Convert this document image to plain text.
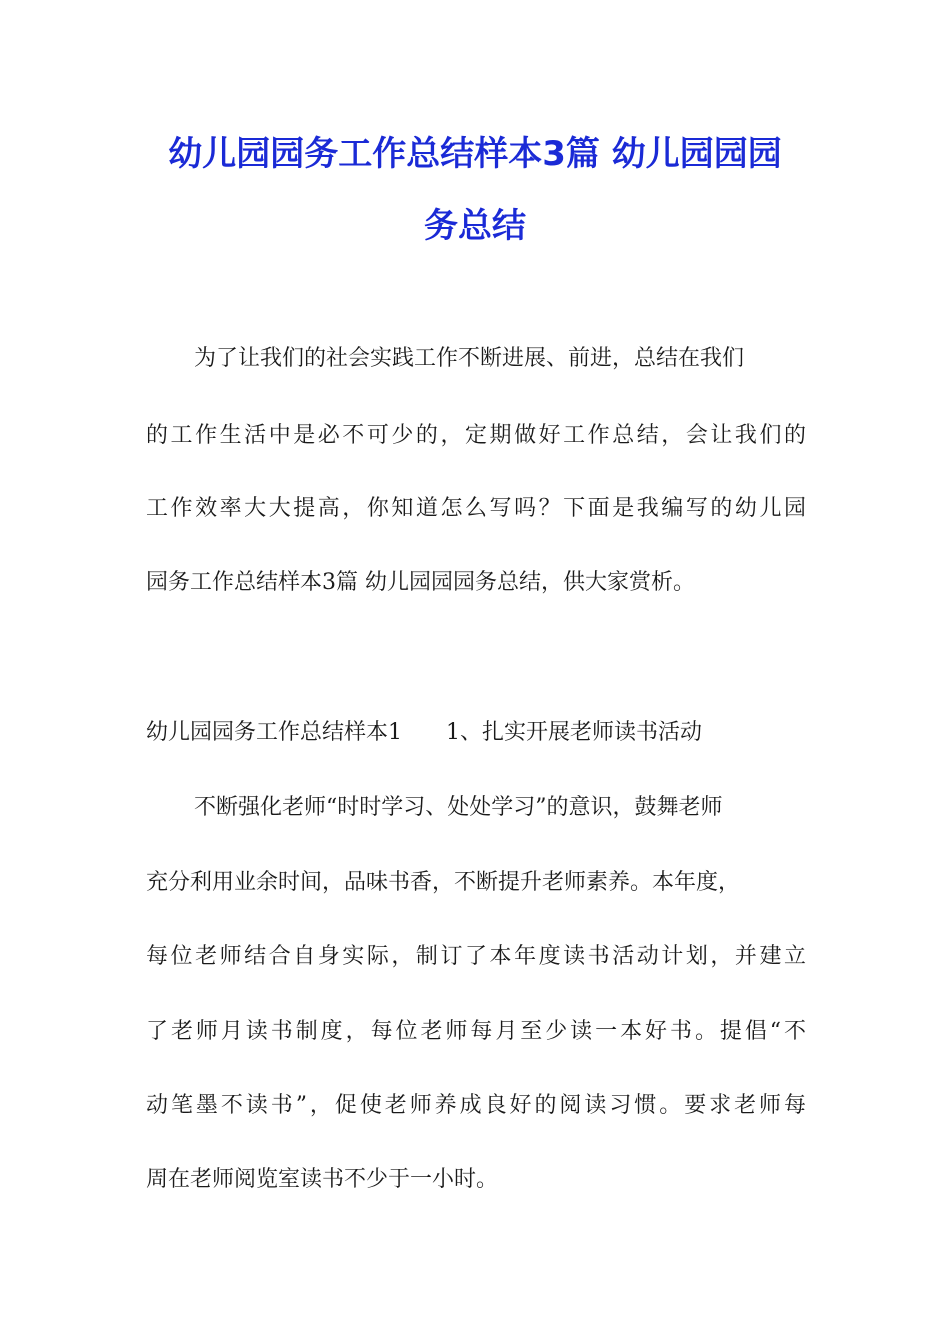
幼儿园园务工作总结样本3篇 幼儿园园园
务总结

为了让我们的社会实践工作不断进展、前进，总结在我们

的工作生活中是必不可少的，定期做好工作总结，会让我们的

工作效率大大提高，你知道怎么写吗？下面是我编写的幼儿园

园务工作总结样本3篇 幼儿园园园务总结，供大家赏析。

幼儿园园务工作总结样本1　　1、扎实开展老师读书活动

不断强化老师“时时学习、处处学习”的意识，鼓舞老师

充分利用业余时间，品味书香，不断提升老师素养。本年度，

每位老师结合自身实际，制订了本年度读书活动计划，并建立

了老师月读书制度，每位老师每月至少读一本好书。提倡“不

动笔墨不读书”，促使老师养成良好的阅读习惯。要求老师每

周在老师阅览室读书不少于一小时。
